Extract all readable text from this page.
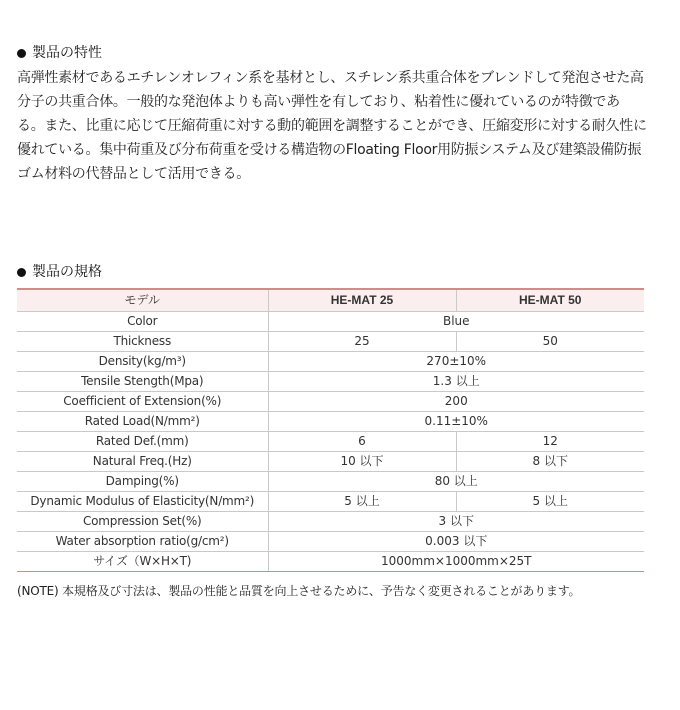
製品の特性
高弾性素材であるエチレンオレフィン系を基材とし、スチレン系共重合体をブレンドして発泡させた高分子の共重合体。一般的な発泡体よりも高い弾性を有しており、粘着性に優れているのが特徴である。また、比重に応じて圧縮荷重に対する動的範囲を調整することができ、圧縮変形に対する耐久性に優れている。集中荷重及び分布荷重を受ける構造物のFloating Floor用防振システム及び建築設備防振ゴム材料の代替品として活用できる。
製品の規格
モデル	HE-MAT 25	HE-MAT 50
Color	Blue	
Thickness	25	50
Density(kg/m³)	270±10%	
Tensile Stength(Mpa)	1.3 以上	
Coefficient of Extension(%)	200	
Rated Load(N/mm²)	0.11±10%	
Rated Def.(mm)	6	12
Natural Freq.(Hz)	10 以下	8 以下
Damping(%)	80 以上	
Dynamic Modulus of Elasticity(N/mm²)	5 以上	5 以上
Compression Set(%)	3 以下	
Water absorption ratio(g/cm²)	0.003 以下	
サイズ（W×H×T)	1000mm×1000mm×25T	
(NOTE) 本規格及び寸法は、製品の性能と品質を向上させるために、予告なく変更されることがあります。
